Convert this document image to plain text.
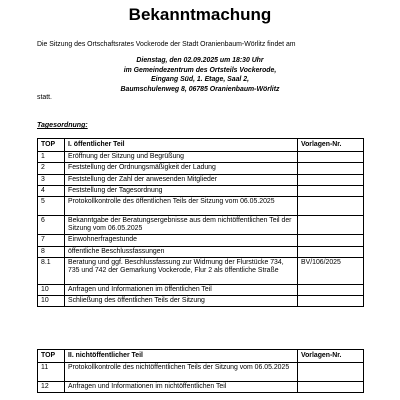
Bekanntmachung
Die Sitzung des Ortschaftsrates Vockerode der Stadt Oranienbaum-Wörlitz findet am
Dienstag, den 02.09.2025 um 18:30 Uhr
im Gemeindezentrum des Ortsteils Vockerode,
Eingang Süd, 1. Etage, Saal 2,
Baumschulenweg 8, 06785 Oranienbaum-Wörlitz
statt.
Tagesordnung:
TOP	I. öffentlicher Teil	Vorlagen-Nr.
1	Eröffnung der Sitzung und Begrüßung	
2	Feststellung der Ordnungsmäßigkeit der Ladung	
3	Feststellung der Zahl der anwesenden Mitglieder	
4	Feststellung der Tagesordnung	
5	Protokollkontrolle des öffentlichen Teils der Sitzung vom 06.05.2025	
6	Bekanntgabe der Beratungsergebnisse aus dem nichtöffentlichen Teil der Sitzung vom 06.05.2025	
7	Einwohnerfragestunde	
8	öffentliche Beschlussfassungen	
8.1	Beratung und ggf. Beschlussfassung zur Widmung der Flurstücke 734, 735 und 742 der Gemarkung Vockerode, Flur 2 als öffentliche Straße	BV/106/2025
10	Anfragen und Informationen im öffentlichen Teil	
10	Schließung des öffentlichen Teils der Sitzung	
TOP	II. nichtöffentlicher Teil	Vorlagen-Nr.
11	Protokollkontrolle des nichtöffentlichen Teils der Sitzung vom 06.05.2025	
12	Anfragen und Informationen im nichtöffentlichen Teil	
